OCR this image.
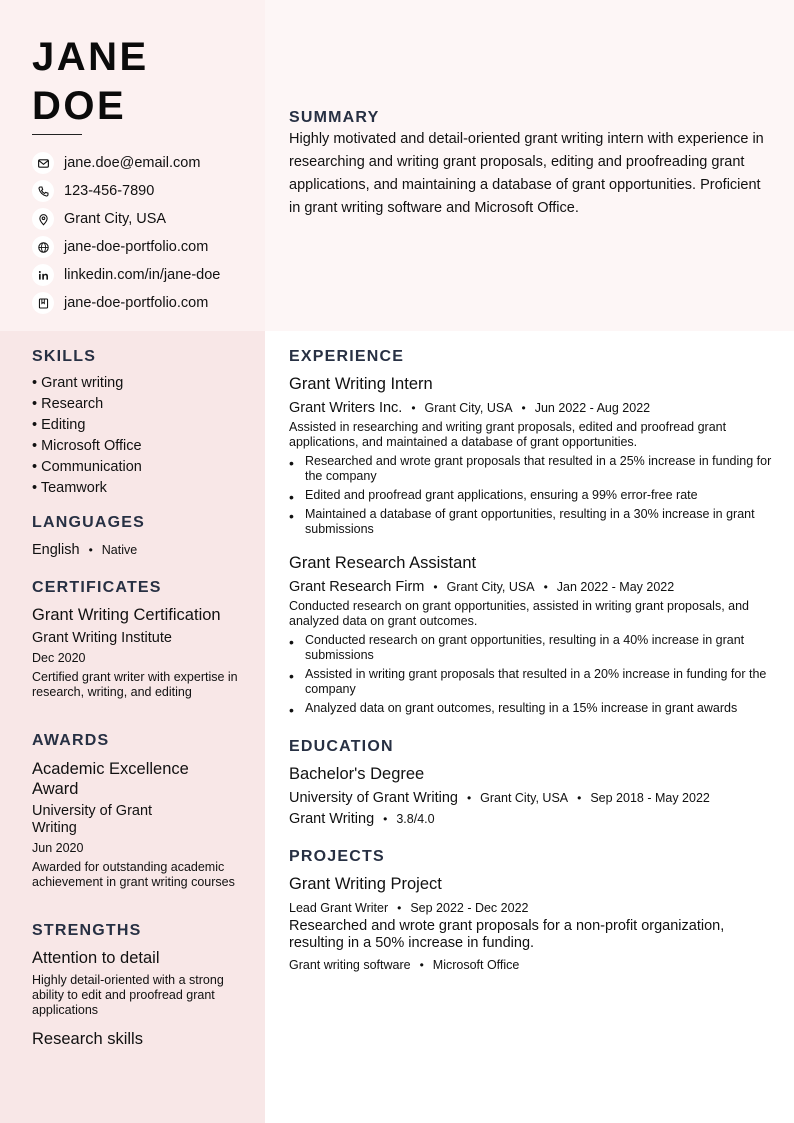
JANE
DOE
jane.doe@email.com
123-456-7890
Grant City, USA
jane-doe-portfolio.com
linkedin.com/in/jane-doe
jane-doe-portfolio.com
SUMMARY
Highly motivated and detail-oriented grant writing intern with experience in researching and writing grant proposals, editing and proofreading grant applications, and maintaining a database of grant opportunities. Proficient in grant writing software and Microsoft Office.
SKILLS
• Grant writing
• Research
• Editing
• Microsoft Office
• Communication
• Teamwork
LANGUAGES
English • Native
CERTIFICATES
Grant Writing Certification
Grant Writing Institute
Dec 2020
Certified grant writer with expertise in research, writing, and editing
AWARDS
Academic Excellence Award
University of Grant Writing
Jun 2020
Awarded for outstanding academic achievement in grant writing courses
STRENGTHS
Attention to detail
Highly detail-oriented with a strong ability to edit and proofread grant applications
Research skills
EXPERIENCE
Grant Writing Intern
Grant Writers Inc. • Grant City, USA • Jun 2022 - Aug 2022
Assisted in researching and writing grant proposals, edited and proofread grant applications, and maintained a database of grant opportunities.
• Researched and wrote grant proposals that resulted in a 25% increase in funding for the company
• Edited and proofread grant applications, ensuring a 99% error-free rate
• Maintained a database of grant opportunities, resulting in a 30% increase in grant submissions
Grant Research Assistant
Grant Research Firm • Grant City, USA • Jan 2022 - May 2022
Conducted research on grant opportunities, assisted in writing grant proposals, and analyzed data on grant outcomes.
• Conducted research on grant opportunities, resulting in a 40% increase in grant submissions
• Assisted in writing grant proposals that resulted in a 20% increase in funding for the company
• Analyzed data on grant outcomes, resulting in a 15% increase in grant awards
EDUCATION
Bachelor's Degree
University of Grant Writing • Grant City, USA • Sep 2018 - May 2022
Grant Writing • 3.8/4.0
PROJECTS
Grant Writing Project
Lead Grant Writer • Sep 2022 - Dec 2022
Researched and wrote grant proposals for a non-profit organization, resulting in a 50% increase in funding.
Grant writing software • Microsoft Office
